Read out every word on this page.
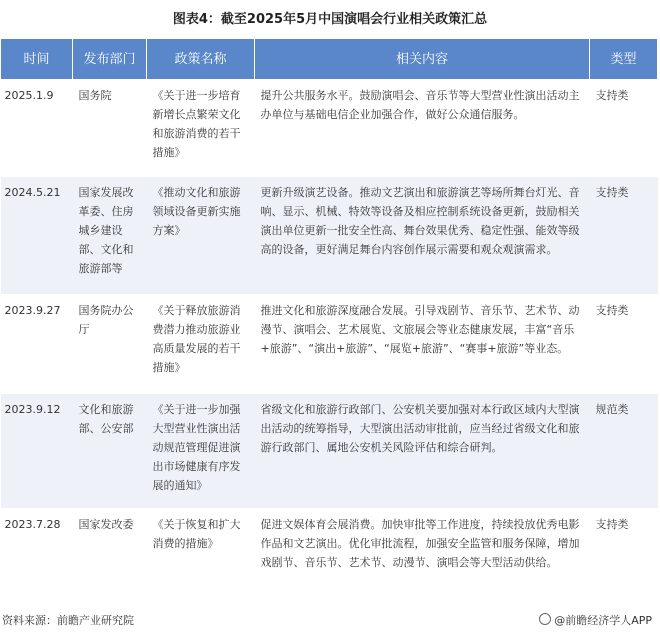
图表4：截至2025年5月中国演唱会行业相关政策汇总
时间	发布部门	政策名称	相关内容	类型
2025.1.9	国务院	《关于进一步培育新增长点繁荣文化和旅游消费的若干措施》	提升公共服务水平。鼓励演唱会、音乐节等大型营业性演出活动主办单位与基础电信企业加强合作，做好公众通信服务。	支持类
2024.5.21	国家发展改革委、住房城乡建设部、文化和旅游部等	《推动文化和旅游领域设备更新实施方案》	更新升级演艺设备。推动文艺演出和旅游演艺等场所舞台灯光、音响、显示、机械、特效等设备及相应控制系统设备更新，鼓励相关演出单位更新一批安全性高、舞台效果优秀、稳定性强、能效等级高的设备，更好满足舞台内容创作展示需要和观众观演需求。	支持类
2023.9.27	国务院办公厅	《关于释放旅游消费潜力推动旅游业高质量发展的若干措施》	推进文化和旅游深度融合发展。引导戏剧节、音乐节、艺术节、动漫节、演唱会、艺术展览、文旅展会等业态健康发展，丰富“音乐+旅游”、“演出+旅游”、“展览+旅游”、“赛事+旅游”等业态。	支持类
2023.9.12	文化和旅游部、公安部	《关于进一步加强大型营业性演出活动规范管理促进演出市场健康有序发展的通知》	省级文化和旅游行政部门、公安机关要加强对本行政区域内大型演出活动的统筹指导，大型演出活动审批前，应当经过省级文化和旅游行政部门、属地公安机关风险评估和综合研判。	规范类
2023.7.28	国家发改委	《关于恢复和扩大消费的措施》	促进文娱体育会展消费。加快审批等工作进度，持续投放优秀电影作品和文艺演出。优化审批流程，加强安全监管和服务保障，增加戏剧节、音乐节、艺术节、动漫节、演唱会等大型活动供给。	支持类
资料来源：前瞻产业研究院	@前瞻经济学人APP
